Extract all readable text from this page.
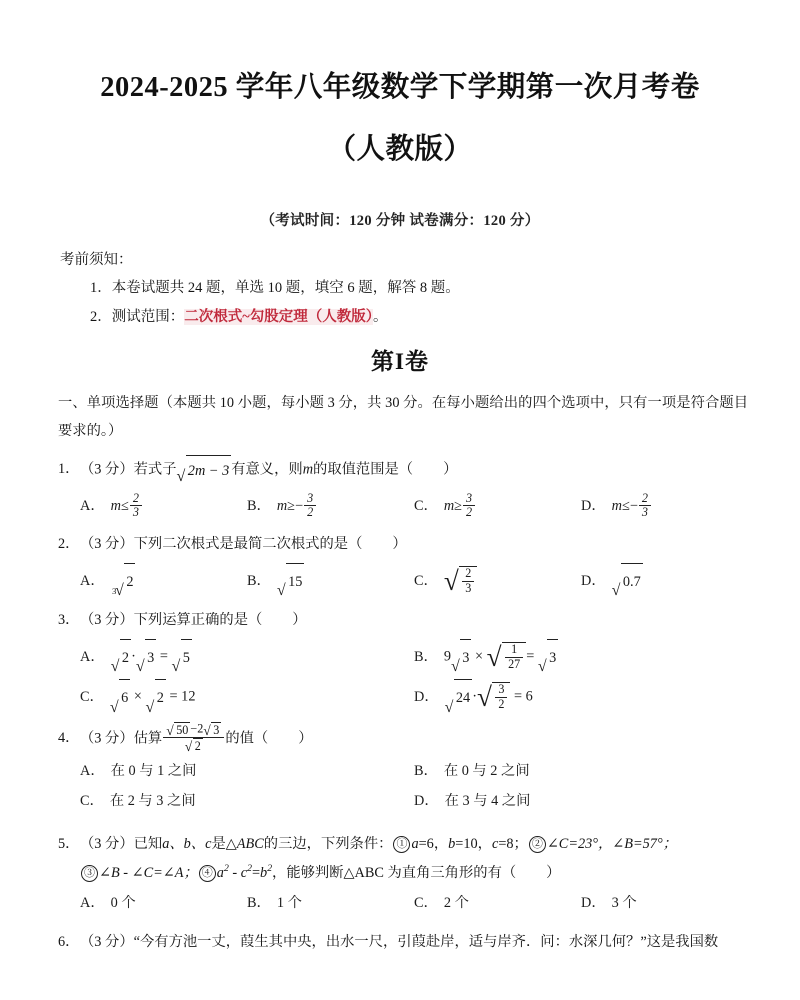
2024-2025 学年八年级数学下学期第一次月考卷
（人教版）
（考试时间：120 分钟 试卷满分：120 分）
考前须知：
1．本卷试题共 24 题，单选 10 题，填空 6 题，解答 8 题。
2．测试范围：二次根式~勾股定理（人教版）。
第I卷
一、单项选择题（本题共 10 小题，每小题 3 分，共 30 分。在每小题给出的四个选项中，只有一项是符合题目要求的。）
1．（3 分）若式子 √ 2m − 3 有意义，则m的取值范围是（ ）
A． $m\le \frac{2}{3}$	B． $m\ge- \frac{3}{2}$	C． $m\ge \frac{3}{2}$	D． $m\le- \frac{2}{3}$
2．（3 分）下列二次根式是最简二次根式的是（ ）
A．
3
√
2	B．
√
15	C． √ $\frac{2}{3}$	D．
√
0.7
3．（3 分）下列运算正确的是（ ）
A．
√
2 ·
√
3 =
√
5	B． 9
√
3 × √ $\frac{1}{27}$ =
√
3
C．
√
6 ×
√
2 = 12	D．
√
24 · √ $\frac{3}{2} = 6$
4．（3 分）估算 $\frac{√ 50 -2 √ 3}{√ 2}$ 的值（ ）
A． 在 0 与 1 之间	B． 在 0 与 2 之间
C． 在 2 与 3 之间	D． 在 3 与 4 之间
5．（3 分）已知a、b、c是△ABC的三边，下列条件： ① a=6，b=10，c=8； ② ∠C=23°，∠B=57°；
③ ∠B - ∠C=∠A； ④ $a^2 - c^2=b^2$，能够判断△ABC 为直角三角形的有（ ）
A． 0 个	B． 1 个	C． 2 个	D． 3 个
6．（3 分）“今有方池一丈，葭生其中央，出水一尺，引葭赴岸，适与岸齐．问：水深几何？”这是我国数
